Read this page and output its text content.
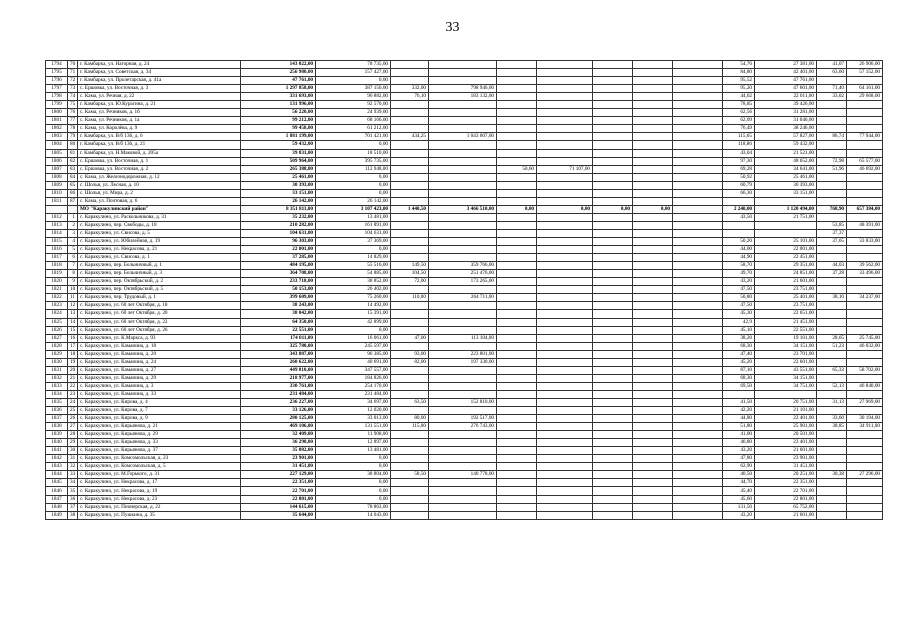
33
1794	70	г. Камбарка, ул. Нагорная, д. 24	143 022,00	78 735,00								54,76	27 381,00	41,07	26 906,00
1795	71	г. Камбарка, ул. Советская, д. 34	256 980,00	157 427,00								84,80	42 401,00	63,60	57 152,00
1796	72	г. Камбарка, ул. Пролетарская, д. 41а	47 761,00	0,00								95,52	47 761,00		
1797	73	с. Ершовка, ул. Восточная, д. 3	1 297 858,00	387 150,00	332,00	798 946,00						95,20	47 601,00	71,40	64 161,00
1798	74	с. Кама, ул. Речная, д. 22	331 693,00	96 882,00	76,10	183 132,00						44,02	22 011,00	33,02	29 668,00
1799	75	г. Камбарка, ул. Ю.Курагина, д. 21	131 996,00	92 570,00								78,85	39 426,00		
1800	76	с. Кама, ул. Речников, д. 1б	56 220,00	24 939,00								62,56	31 281,00		
1801	77	с. Кама, ул. Речников, д. 1а	99 212,00	68 166,00								62,09	31 046,00		
1802	78	с. Кама, ул. Королёва, д. 9	99 458,00	61 212,00								76,49	38 246,00		
1803	79	г. Камбарка, ул. В/б 136, д. 6	1 881 199,00	701 421,00	434,25	1 043 007,00						115,65	57 827,00	86,74	77 944,00
1804	80	г. Камбарка, ул. В/б 136, д. 21	59 432,00	0,00								118,86	59 432,00		
1805	81	г. Камбарка, ул. Н.Маковой, д. 205а	39 831,00	18 510,00								43,04	21 521,00		
1806	82	с. Ершовка, ул. Восточная, д. 1	509 964,00	395 735,00								97,30	48 652,00	72,98	65 577,00
1807	83	с. Ершовка, ул. Восточная, д. 2	265 388,00	112 948,00			50,60	71 107,00				69,28	34 641,00	51,96	46 692,00
1808	84	с. Кама, ул. Железнодорожная, д. 12	25 461,00	0,00								50,92	25 461,00		
1809	85	с. Шолья, ул. Лесная, д. 10	30 393,00	0,00								60,79	30 393,00		
1810	86	с. Шолья, ул. Мира, д. 2	33 151,00	0,00								66,30	33 151,00		
1811	87	с. Кама, ул. Почтовая, д. 6	26 142,00	26 142,00											
		МО "Каракулинский район"	8 351 811,00	3 107 423,00	1 440,50	3 466 510,00	0,00	0,00	0,00	0,00		2 240,00	1 120 494,00	768,90	657 384,00
1812	1	с. Каракулино, ул. Раскольникова, д. 31	35 232,00	13 481,00								43,50	21 751,00		
1813	2	с. Каракулино, пер. Свободы, д. 18	210 282,00	161 891,00										53,85	48 391,00
1814	3	с. Каракулино, ул. Свисова, д. 5	104 631,00	104 631,00										37,37	
1815	4	с. Каракулино, ул. Юбилейная, д. 19	96 303,00	37 369,00								50,20	25 101,00	37,65	33 833,00
1816	5	с. Каракулино, ул. Некрасова, д. 21	22 001,00	0,00								44,00	22 001,00		
1817	6	с. Каракулино, ул. Свисова, д. 1	37 285,00	14 829,00								44,90	22 451,00		
1818	7	с. Каракулино, пер. Больничный, д. 1	484 195,00	55 516,00	149,50	359 766,00						58,70	29 351,00	44,03	39 562,00
1819	8	с. Каракулино, пер. Больничный, д. 3	364 708,00	54 885,00	104,50	251 476,00						49,70	24 851,00	37,28	33 496,00
1820	9	с. Каракулино, пер. Октябрьский, д. 2	233 718,00	38 852,00	72,00	173 265,00						43,20	21 601,00		
1821	10	с. Каракулино, пер. Октябрьский, д. 5	50 153,00	26 402,00								47,50	23 751,00		
1822	11	с. Каракулино, пер. Трудовый, д. 1	399 609,00	75 260,00	110,00	264 711,00						50,80	25 401,00	38,10	34 237,00
1823	12	с. Каракулино, ул. 60 лет Октября, д. 18	38 243,00	14 492,00								47,50	23 751,00		
1824	13	с. Каракулино, ул. 60 лет Октября, д. 20	38 042,00	15 391,00								45,30	22 651,00		
1825	14	с. Каракулино, ул. 60 лет Октября, д. 22	64 350,00	42 899,00								42,9	21 451,00		
1826	15	с. Каракулино, ул. 60 лет Октября, д. 26	22 551,00	0,00								45,10	22 551,00		
1827	16	с. Каракулино, ул. К.Маркса, д. 93	174 011,00	16 061,00	47,00	113 104,00						38,20	19 101,00	28,65	25 745,00
1828	17	с. Каракулино, ул. Каманина, д. 18	325 780,00	245 597,00								68,30	34 151,00	51,23	46 032,00
1829	18	с. Каракулино, ул. Каманина, д. 20	343 887,00	96 385,00	93,00	223 801,00						47,40	23 701,00		
1830	19	с. Каракулино, ул. Каманина, д. 24	260 622,00	40 691,00	82,00	197 330,00						45,20	22 601,00		
1831	20	с. Каракулино, ул. Каманина, д. 27	449 810,00	347 557,00								87,10	43 551,00	65,33	58 702,00
1832	21	с. Каракулино, ул. Каманина, д. 29	218 977,00	184 826,00								68,30	34 151,00		
1833	22	с. Каракулино, ул. Каманина, д. 3	330 761,00	254 170,00								69,50	34 751,00	52,13	46 840,00
1834	23	с. Каракулино, ул. Каманина, д. 33	231 484,00	231 484,00											
1835	24	с. Каракулино, ул. Кирова, д. 4	236 227,00	34 697,00	63,50	152 810,00						41,50	20 751,00	31,13	27 969,00
1836	25	с. Каракулино, ул. Кирова, д. 7	33 126,00	12 020,00								42,20	21 101,00		
1837	26	с. Каракулино, ул. Кирова, д. 9	280 125,00	33 013,00	80,00	192 517,00						44,80	22 401,00	33,60	30 194,00
1838	27	с. Каракулино, ул. Кирьянова, д. 21	469 106,00	131 551,00	115,00	276 743,00						51,80	25 901,00	38,85	34 911,00
1839	28	с. Каракулино, ул. Кирьянова, д. 29	32 409,00	11 908,00								41,00	20 501,00		
1840	29	с. Каракулино, ул. Кирьянова, д. 33	36 298,00	12 897,00								46,80	23 401,00		
1841	30	с. Каракулино, ул. Кирьянова, д. 37	35 082,00	13 481,00								43,20	21 601,00		
1842	31	с. Каракулино, ул. Комсомольская, д. 23	23 901,00	0,00								47,80	23 901,00		
1843	32	с. Каракулино, ул. Комсомольская, д. 5	31 451,00	0,00								62,90	31 451,00		
1844	33	с. Каракулино, ул. М.Горького, д. 31	227 129,00	38 804,00	58,50	140 778,00						40,50	20 251,00	30,38	27 296,00
1845	34	с. Каракулино, ул. Некрасова, д. 17	22 351,00	0,00								44,70	22 351,00		
1846	35	с. Каракулино, ул. Некрасова, д. 19	22 701,00	0,00								45,40	22 701,00		
1847	36	с. Каракулино, ул. Некрасова, д. 23	22 801,00	0,00								45,60	22 801,00		
1848	37	с. Каракулино, ул. Пионерская, д. 22	144 615,00	78 863,00								131,50	65 752,00		
1849	38	с. Каракулино, ул. Пушкина, д. 35	35 644,00	14 043,00								43,20	21 601,00		
